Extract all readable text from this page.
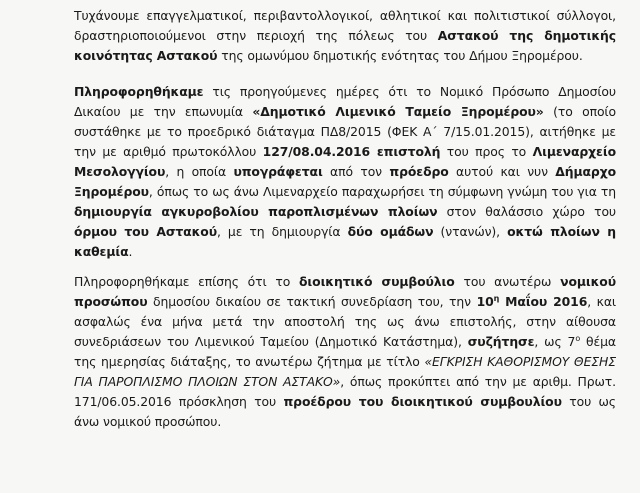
Τυχάνουμε επαγγελματικοί, περιβαντολλογικοί, αθλητικοί και πολιτιστικοί σύλλογοι, δραστηριοποιούμενοι στην περιοχή της πόλεως του Αστακού της δημοτικής κοινότητας Αστακού της ομωνύμου δημοτικής ενότητας του Δήμου Ξηρομέρου.

Πληροφορηθήκαμε τις προηγούμενες ημέρες ότι το Νομικό Πρόσωπο Δημοσίου Δικαίου με την επωνυμία «Δημοτικό Λιμενικό Ταμείο Ξηρομέρου» (το οποίο συστάθηκε με το προεδρικό διάταγμα ΠΔ8/2015 (ΦΕΚ Α΄ 7/15.01.2015), αιτήθηκε με την με αριθμό πρωτοκόλλου 127/08.04.2016 επιστολή του προς το Λιμεναρχείο Μεσολογγίου, η οποία υπογράφεται από τον πρόεδρο αυτού και νυν Δήμαρχο Ξηρομέρου, όπως το ως άνω Λιμεναρχείο παραχωρήσει τη σύμφωνη γνώμη του για τη δημιουργία αγκυροβολίου παροπλισμένων πλοίων στον θαλάσσιο χώρο του όρμου του Αστακού, με τη δημιουργία δύο ομάδων (ντανών), οκτώ πλοίων η καθεμία.

Πληροφορηθήκαμε επίσης ότι το διοικητικό συμβούλιο του ανωτέρω νομικού προσώπου δημοσίου δικαίου σε τακτική συνεδρίαση του, την $10^\eta$ Μαΐου 2016, και ασφαλώς ένα μήνα μετά την αποστολή της ως άνω επιστολής, στην αίθουσα συνεδριάσεων του Λιμενικού Ταμείου (Δημοτικό Κατάστημα), συζήτησε, ως $7^o$ θέμα της ημερησίας διάταξης, το ανωτέρω ζήτημα με τίτλο «ΕΓΚΡΙΣΗ ΚΑΘΟΡΙΣΜΟΥ ΘΕΣΗΣ ΓΙΑ ΠΑΡΟΠΛΙΣΜΟ ΠΛΟΙΩΝ ΣΤΟΝ ΑΣΤΑΚΟ», όπως προκύπτει από την με αριθμ. Πρωτ. 171/06.05.2016 πρόσκληση του προέδρου του διοικητικού συμβουλίου του ως άνω νομικού προσώπου.
